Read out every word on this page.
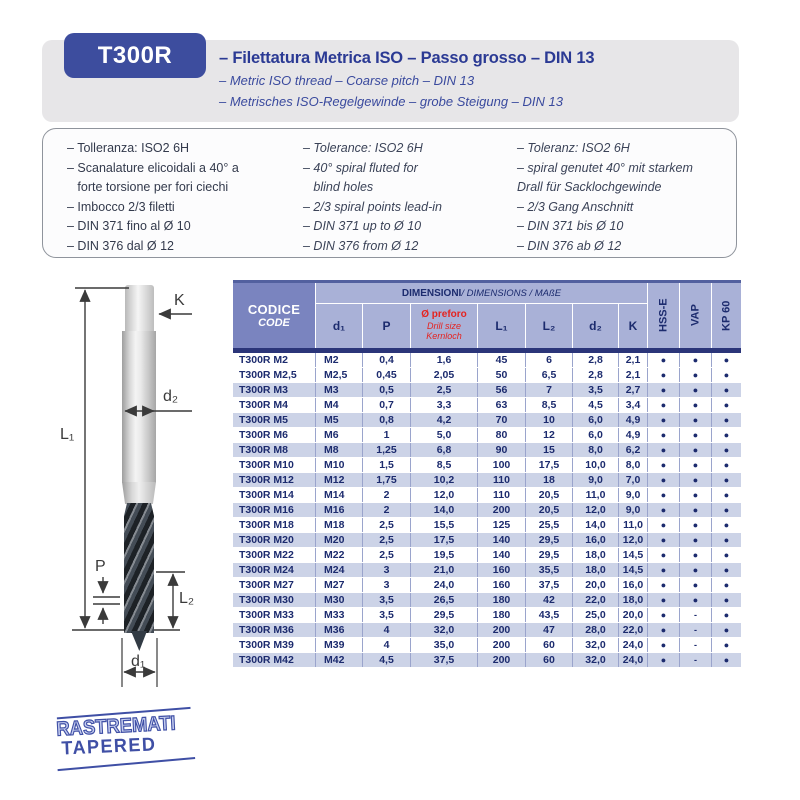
T300R	– Filettatura Metrica ISO – Passo grosso – DIN 13
– Metric ISO thread – Coarse pitch – DIN 13
– Metrisches ISO-Regelgewinde – grobe Steigung – DIN 13
– Tolleranza: ISO2 6H
– Scanalature elicoidali a 40° a
forte torsione per fori ciechi
– Imbocco 2/3 filetti
– DIN 371 fino al Ø 10
– DIN 376 dal Ø 12
– Tolerance: ISO2 6H
– 40° spiral fluted for
blind holes
– 2/3 spiral points lead-in
– DIN 371 up to Ø 10
– DIN 376 from Ø 12
– Toleranz: ISO2 6H
– spiral genutet 40° mit starkem
Drall für Sacklochgewinde
– 2/3 Gang Anschnitt
– DIN 371 bis Ø 10
– DIN 376 ab Ø 12
L₁
K
d₂
P
L₂
d₁
RASTREMATI
TAPERED
CODICE
CODE
DIMENSIONI / DIMENSIONS / MAßE
HSS-E	VAP	KP 60
d₁	P
Ø preforo
Drill size
Kernloch
L₁	L₂	d₂	K
T300R M2	M2	0,4	1,6	45	6	2,8	2,1	●	●	●
T300R M2,5	M2,5	0,45	2,05	50	6,5	2,8	2,1	●	●	●
T300R M3	M3	0,5	2,5	56	7	3,5	2,7	●	●	●
T300R M4	M4	0,7	3,3	63	8,5	4,5	3,4	●	●	●
T300R M5	M5	0,8	4,2	70	10	6,0	4,9	●	●	●
T300R M6	M6	1	5,0	80	12	6,0	4,9	●	●	●
T300R M8	M8	1,25	6,8	90	15	8,0	6,2	●	●	●
T300R M10	M10	1,5	8,5	100	17,5	10,0	8,0	●	●	●
T300R M12	M12	1,75	10,2	110	18	9,0	7,0	●	●	●
T300R M14	M14	2	12,0	110	20,5	11,0	9,0	●	●	●
T300R M16	M16	2	14,0	200	20,5	12,0	9,0	●	●	●
T300R M18	M18	2,5	15,5	125	25,5	14,0	11,0	●	●	●
T300R M20	M20	2,5	17,5	140	29,5	16,0	12,0	●	●	●
T300R M22	M22	2,5	19,5	140	29,5	18,0	14,5	●	●	●
T300R M24	M24	3	21,0	160	35,5	18,0	14,5	●	●	●
T300R M27	M27	3	24,0	160	37,5	20,0	16,0	●	●	●
T300R M30	M30	3,5	26,5	180	42	22,0	18,0	●	●	●
T300R M33	M33	3,5	29,5	180	43,5	25,0	20,0	●	-	●
T300R M36	M36	4	32,0	200	47	28,0	22,0	●	-	●
T300R M39	M39	4	35,0	200	60	32,0	24,0	●	-	●
T300R M42	M42	4,5	37,5	200	60	32,0	24,0	●	-	●
